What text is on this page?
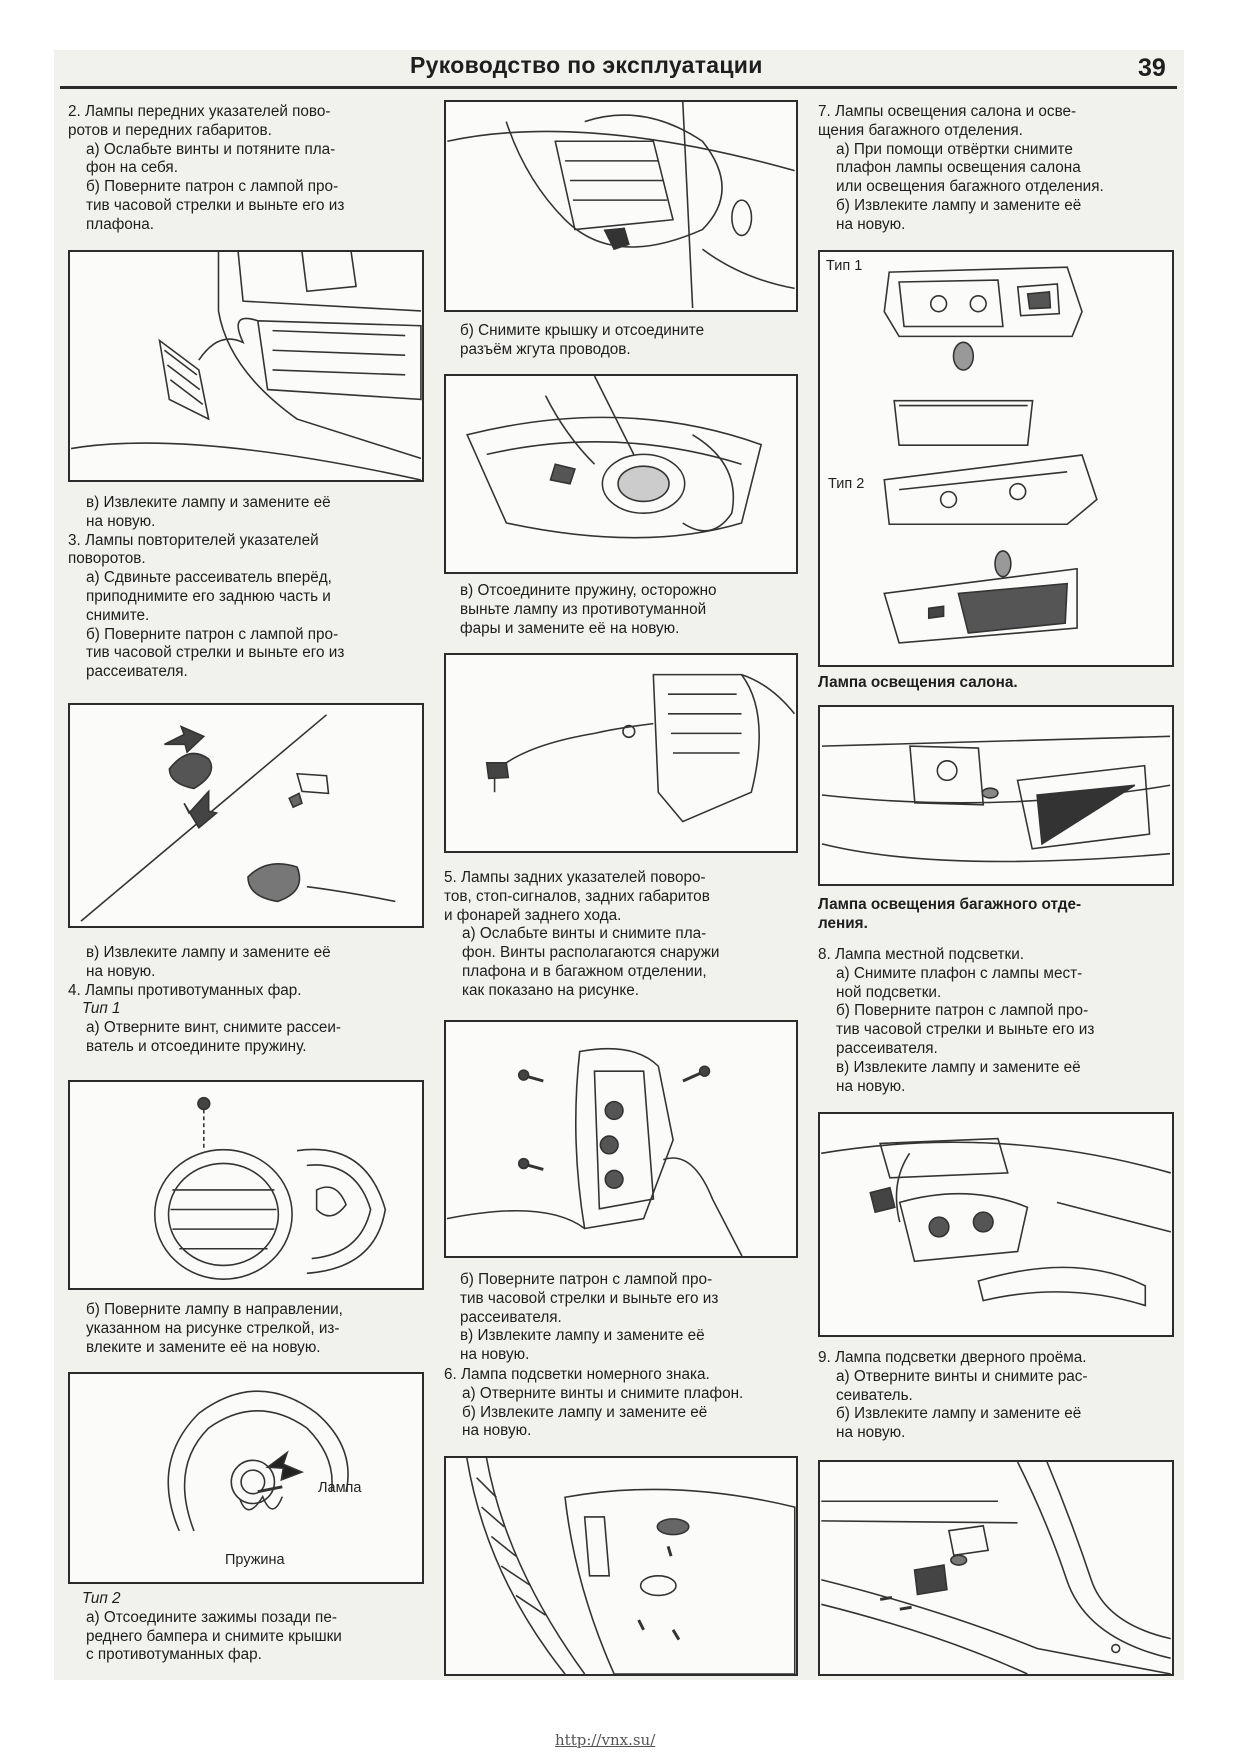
Руководство по эксплуатации	39

2. Лампы передних указателей пово-
ротов и передних габаритов.

а) Ослабьте винты и потяните пла-
фон на себя.

б) Поверните патрон с лампой про-
тив часовой стрелки и выньте его из
плафона.

в) Извлеките лампу и замените её
на новую.

3. Лампы повторителей указателей
поворотов.

а) Сдвиньте рассеиватель вперёд,
приподнимите его заднюю часть и
снимите.

б) Поверните патрон с лампой про-
тив часовой стрелки и выньте его из
рассеивателя.

в) Извлеките лампу и замените её
на новую.

4. Лампы противотуманных фар.

Тип 1

а) Отверните винт, снимите рассеи-
ватель и отсоедините пружину.

б) Поверните лампу в направлении,
указанном на рисунке стрелкой, из-
влеките и замените её на новую.

Лампа
Пружина

Тип 2

а) Отсоедините зажимы позади пе-
реднего бампера и снимите крышки
с противотуманных фар.

б) Снимите крышку и отсоедините
разъём жгута проводов.

в) Отсоедините пружину, осторожно
выньте лампу из противотуманной
фары и замените её на новую.

5. Лампы задних указателей поворо-
тов, стоп-сигналов, задних габаритов
и фонарей заднего хода.

а) Ослабьте винты и снимите пла-
фон. Винты располагаются снаружи
плафона и в багажном отделении,
как показано на рисунке.

б) Поверните патрон с лампой про-
тив часовой стрелки и выньте его из
рассеивателя.

в) Извлеките лампу и замените её
на новую.

6. Лампа подсветки номерного знака.

а) Отверните винты и снимите плафон.

б) Извлеките лампу и замените её
на новую.

7. Лампы освещения салона и осве-
щения багажного отделения.

а) При помощи отвёртки снимите
плафон лампы освещения салона
или освещения багажного отделения.

б) Извлеките лампу и замените её
на новую.

Тип 1
Тип 2
Лампа освещения салона.
Лампа освещения багажного отде-
ления.

8. Лампа местной подсветки.

а) Снимите плафон с лампы мест-
ной подсветки.

б) Поверните патрон с лампой про-
тив часовой стрелки и выньте его из
рассеивателя.

в) Извлеките лампу и замените её
на новую.

9. Лампа подсветки дверного проёма.

а) Отверните винты и снимите рас-
сеиватель.

б) Извлеките лампу и замените её
на новую.

http://vnx.su/
